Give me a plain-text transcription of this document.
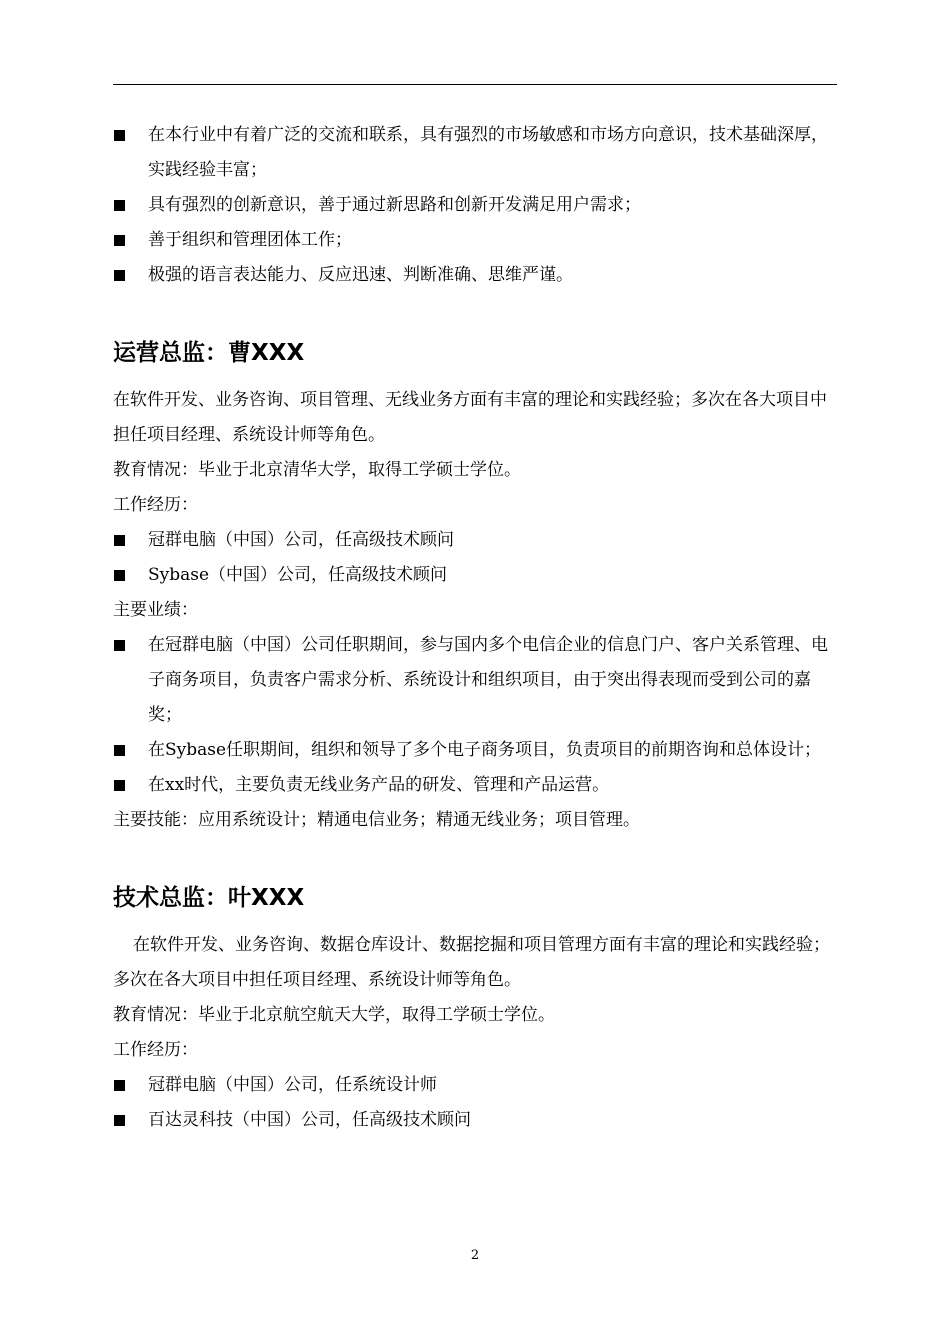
在本行业中有着广泛的交流和联系，具有强烈的市场敏感和市场方向意识，技术基础深厚，实践经验丰富；

具有强烈的创新意识，善于通过新思路和创新开发满足用户需求；

善于组织和管理团体工作；

极强的语言表达能力、反应迅速、判断准确、思维严谨。

运营总监：曹XXX

在软件开发、业务咨询、项目管理、无线业务方面有丰富的理论和实践经验；多次在各大项目中担任项目经理、系统设计师等角色。

教育情况：毕业于北京清华大学，取得工学硕士学位。

工作经历：

冠群电脑（中国）公司，任高级技术顾问

Sybase（中国）公司，任高级技术顾问

主要业绩：

在冠群电脑（中国）公司任职期间，参与国内多个电信企业的信息门户、客户关系管理、电子商务项目，负责客户需求分析、系统设计和组织项目，由于突出得表现而受到公司的嘉奖；

在Sybase任职期间，组织和领导了多个电子商务项目，负责项目的前期咨询和总体设计；

在xx时代，主要负责无线业务产品的研发、管理和产品运营。

主要技能：应用系统设计；精通电信业务；精通无线业务；项目管理。

技术总监：叶XXX

在软件开发、业务咨询、数据仓库设计、数据挖掘和项目管理方面有丰富的理论和实践经验；多次在各大项目中担任项目经理、系统设计师等角色。

教育情况：毕业于北京航空航天大学，取得工学硕士学位。

工作经历：

冠群电脑（中国）公司，任系统设计师

百达灵科技（中国）公司，任高级技术顾问

2
